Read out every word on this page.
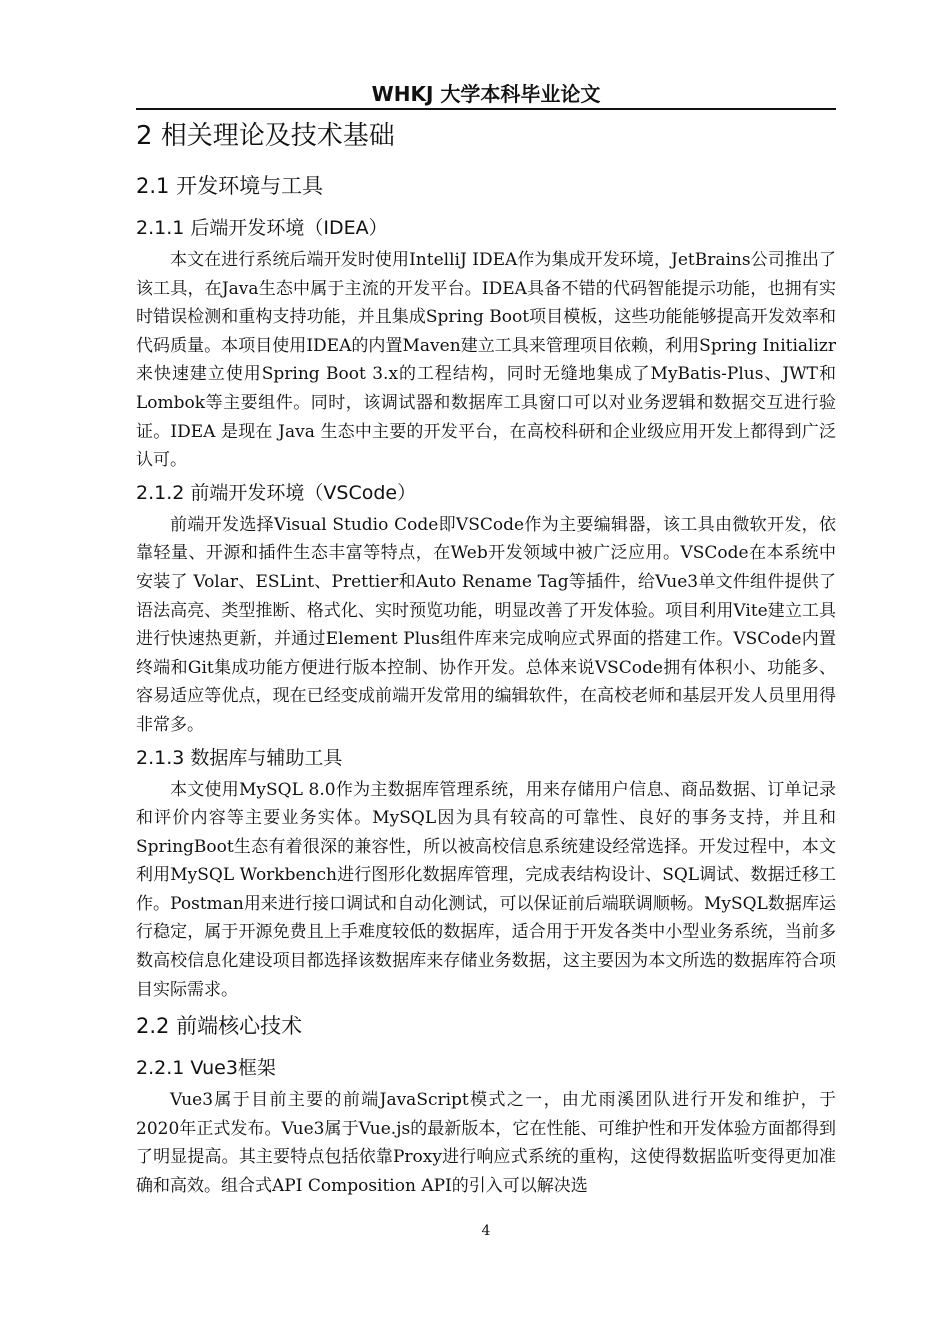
WHKJ 大学本科毕业论文
2 相关理论及技术基础
2.1 开发环境与工具
2.1.1 后端开发环境（IDEA）

本文在进行系统后端开发时使用IntelliJ IDEA作为集成开发环境，JetBrains公司推出了该工具，在Java生态中属于主流的开发平台。IDEA具备不错的代码智能提示功能，也拥有实时错误检测和重构支持功能，并且集成Spring Boot项目模板，这些功能能够提高开发效率和代码质量。本项目使用IDEA的内置Maven建立工具来管理项目依赖，利用Spring Initializr来快速建立使用Spring Boot 3.x的工程结构，同时无缝地集成了MyBatis-Plus、JWT和Lombok等主要组件。同时，该调试器和数据库工具窗口可以对业务逻辑和数据交互进行验证。IDEA 是现在 Java 生态中主要的开发平台，在高校科研和企业级应用开发上都得到广泛认可。

2.1.2 前端开发环境（VSCode）

前端开发选择Visual Studio Code即VSCode作为主要编辑器，该工具由微软开发，依靠轻量、开源和插件生态丰富等特点，在Web开发领域中被广泛应用。VSCode在本系统中安装了 Volar、ESLint、Prettier和Auto Rename Tag等插件，给Vue3单文件组件提供了语法高亮、类型推断、格式化、实时预览功能，明显改善了开发体验。项目利用Vite建立工具进行快速热更新，并通过Element Plus组件库来完成响应式界面的搭建工作。VSCode内置终端和Git集成功能方便进行版本控制、协作开发。总体来说VSCode拥有体积小、功能多、容易适应等优点，现在已经变成前端开发常用的编辑软件，在高校老师和基层开发人员里用得非常多。

2.1.3 数据库与辅助工具

本文使用MySQL 8.0作为主数据库管理系统，用来存储用户信息、商品数据、订单记录和评价内容等主要业务实体。MySQL因为具有较高的可靠性、良好的事务支持，并且和SpringBoot生态有着很深的兼容性，所以被高校信息系统建设经常选择。开发过程中，本文利用MySQL Workbench进行图形化数据库管理，完成表结构设计、SQL调试、数据迁移工作。Postman用来进行接口调试和自动化测试，可以保证前后端联调顺畅。MySQL数据库运行稳定，属于开源免费且上手难度较低的数据库，适合用于开发各类中小型业务系统，当前多数高校信息化建设项目都选择该数据库来存储业务数据，这主要因为本文所选的数据库符合项目实际需求。

2.2 前端核心技术
2.2.1 Vue3框架

Vue3属于目前主要的前端JavaScript模式之一，由尤雨溪团队进行开发和维护，于2020年正式发布。Vue3属于Vue.js的最新版本，它在性能、可维护性和开发体验方面都得到了明显提高。其主要特点包括依靠Proxy进行响应式系统的重构，这使得数据监听变得更加准确和高效。组合式API Composition API的引入可以解决选

4
